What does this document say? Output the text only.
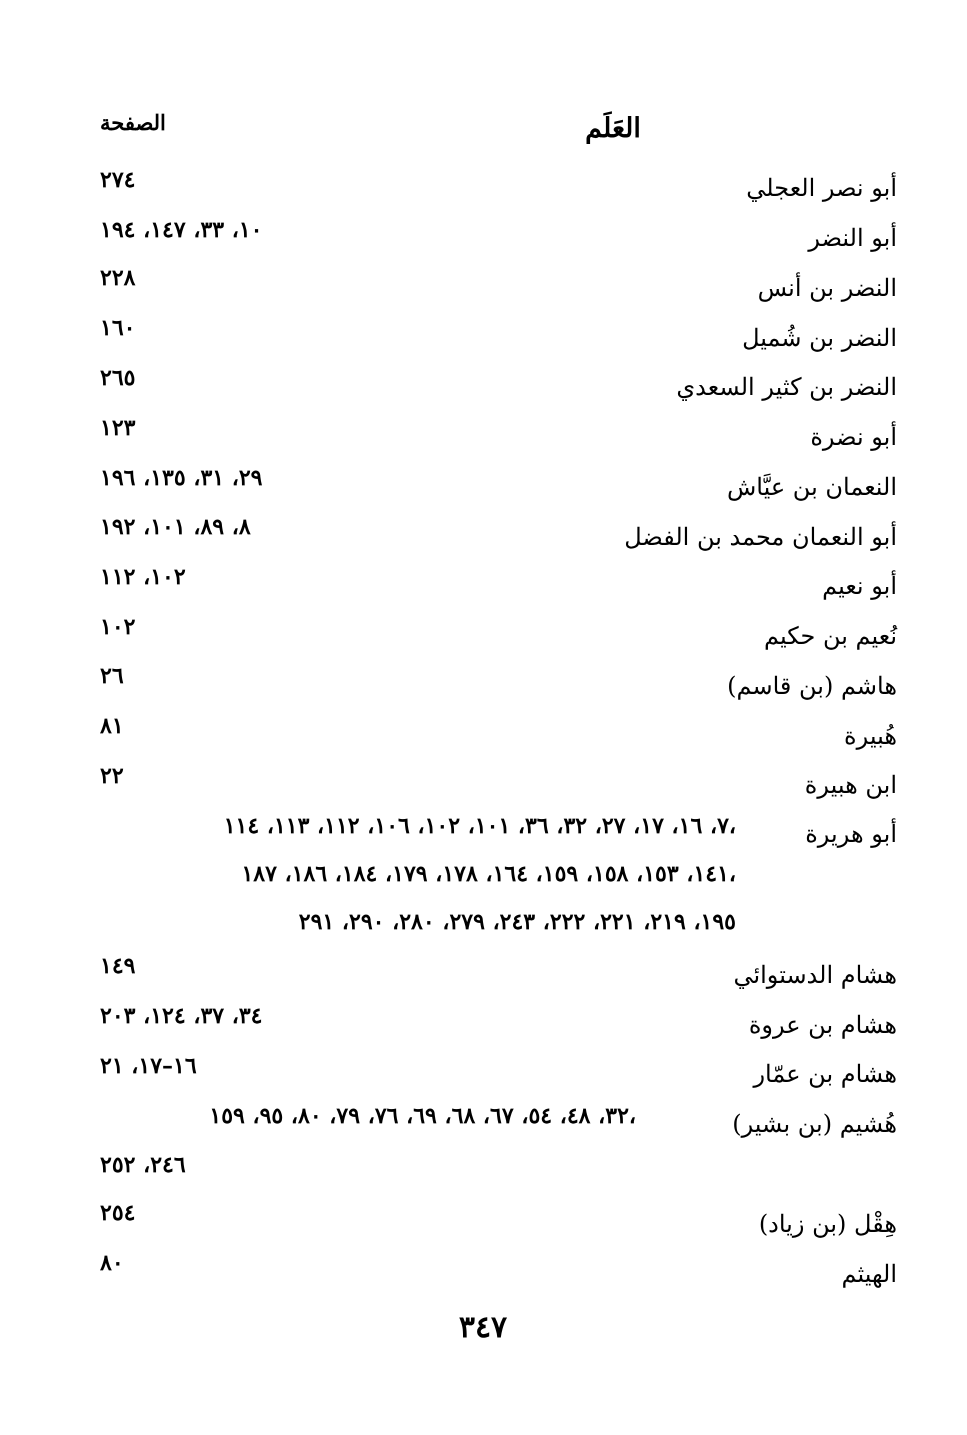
العَلَم
الصفحة
أبو نصر العجلي
٢٧٤
أبو النضر
١٠، ٣٣، ١٤٧، ١٩٤
النضر بن أنس
٢٢٨
النضر بن شُميل
١٦٠
النضر بن كثير السعدي
٢٦٥
أبو نضرة
١٢٣
النعمان بن عيَّاش
٢٩، ٣١، ١٣٥، ١٩٦
أبو النعمان محمد بن الفضل
٨، ٨٩، ١٠١، ١٩٢
أبو نعيم
١٠٢، ١١٢
نُعيم بن حكيم
١٠٢
هاشم (بن قاسم)
٢٦
هُبيرة
٨١
ابن هبيرة
٢٢
أبو هريرة
٧، ١٦، ١٧، ٢٧، ٣٢، ٣٦، ١٠١، ١٠٢، ١٠٦، ١١٢، ١١٣، ١١٤،
١٤١، ١٥٣، ١٥٨، ١٥٩، ١٦٤، ١٧٨، ١٧٩، ١٨٤، ١٨٦، ١٨٧،
١٩٥، ٢١٩، ٢٢١، ٢٢٢، ٢٤٣، ٢٧٩، ٢٨٠، ٢٩٠، ٢٩١
هشام الدستوائي
١٤٩
هشام بن عروة
٣٤، ٣٧، ١٢٤، ٢٠٣
هشام بن عمّار
١٦–١٧، ٢١
هُشيم (بن بشير)
٣٢، ٤٨، ٥٤، ٦٧، ٦٨، ٦٩، ٧٦، ٧٩، ٨٠، ٩٥، ١٥٩،
٢٤٦، ٢٥٢
هِقْل (بن زياد)
٢٥٤
الهيثم
٨٠
٣٤٧
